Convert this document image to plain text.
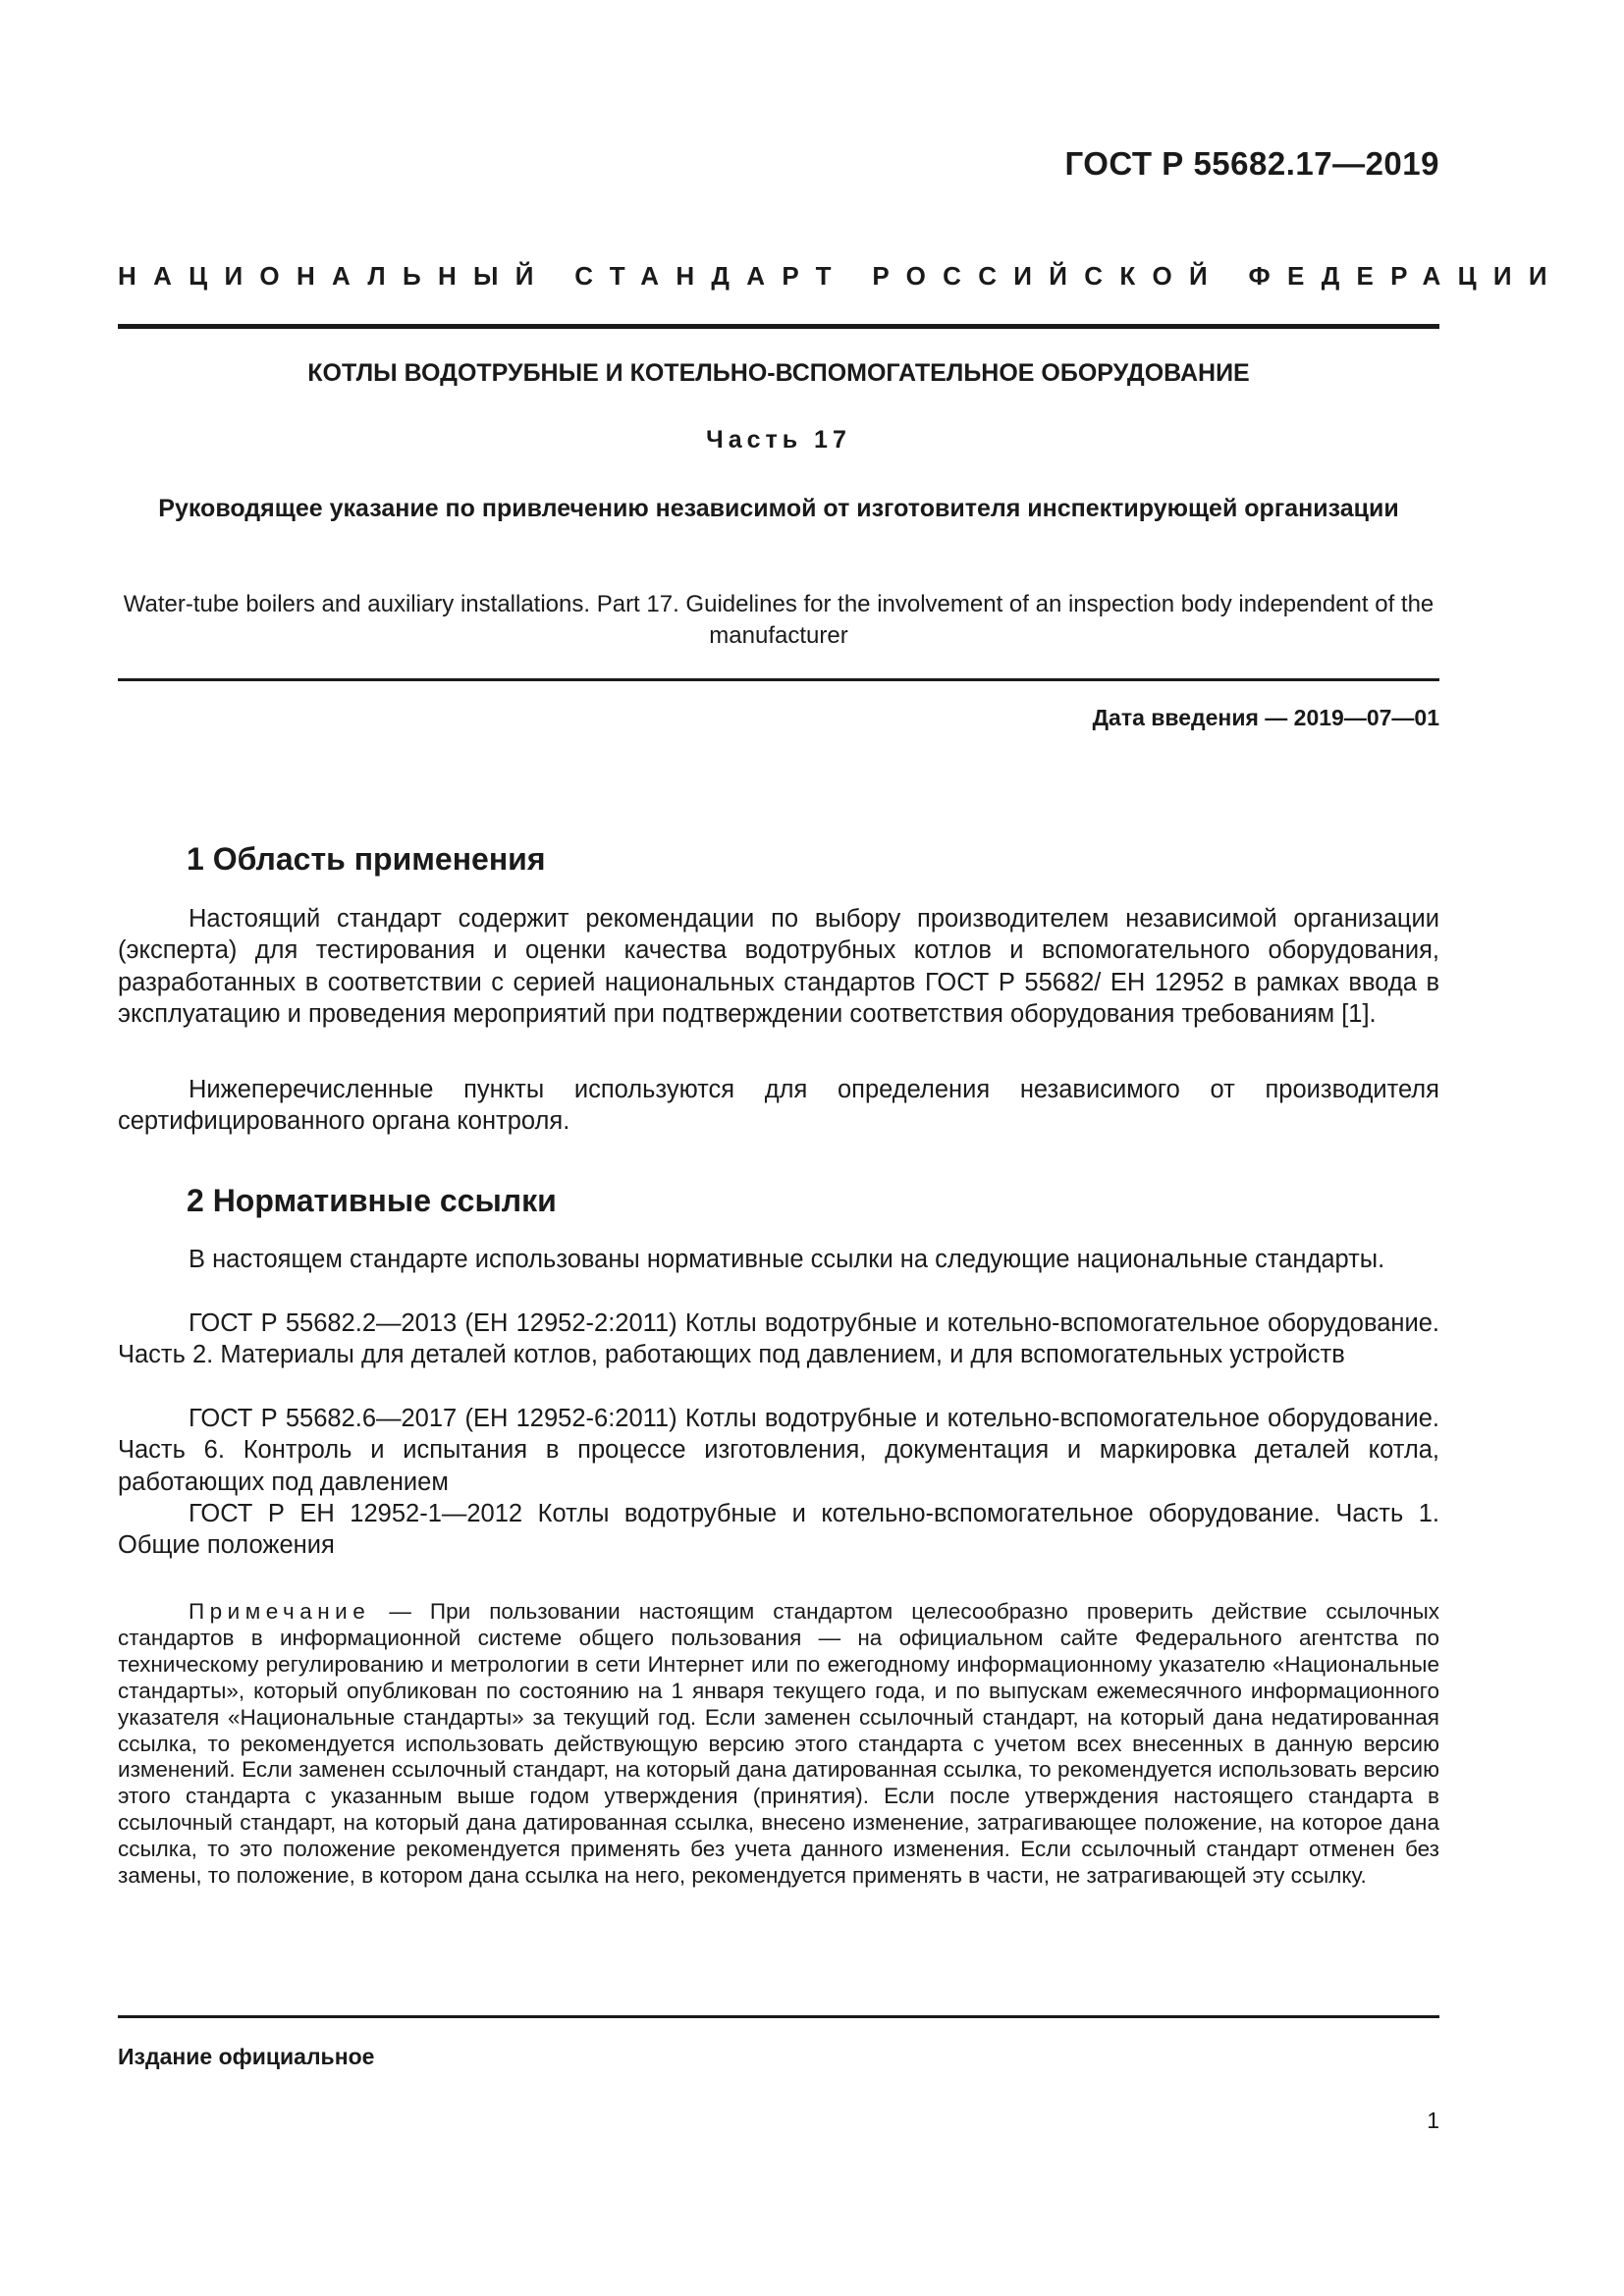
ГОСТ Р 55682.17—2019
НАЦИОНАЛЬНЫЙ СТАНДАРТ РОССИЙСКОЙ ФЕДЕРАЦИИ
КОТЛЫ ВОДОТРУБНЫЕ И КОТЕЛЬНО-ВСПОМОГАТЕЛЬНОЕ ОБОРУДОВАНИЕ
Часть 17
Руководящее указание по привлечению независимой от изготовителя инспектирующей организации
Water-tube boilers and auxiliary installations. Part 17. Guidelines for the involvement of an inspection body independent of the manufacturer
Дата введения — 2019—07—01
1 Область применения
Настоящий стандарт содержит рекомендации по выбору производителем независимой организации (эксперта) для тестирования и оценки качества водотрубных котлов и вспомогательного оборудования, разработанных в соответствии с серией национальных стандартов ГОСТ Р 55682/ ЕН 12952 в рамках ввода в эксплуатацию и проведения мероприятий при подтверждении соответствия оборудования требованиям [1].
Нижеперечисленные пункты используются для определения независимого от производителя сертифицированного органа контроля.
2 Нормативные ссылки
В настоящем стандарте использованы нормативные ссылки на следующие национальные стандарты.
ГОСТ Р 55682.2—2013 (ЕН 12952-2:2011) Котлы водотрубные и котельно-вспомогательное оборудование. Часть 2. Материалы для деталей котлов, работающих под давлением, и для вспомогательных устройств
ГОСТ Р 55682.6—2017 (ЕН 12952-6:2011) Котлы водотрубные и котельно-вспомогательное оборудование. Часть 6. Контроль и испытания в процессе изготовления, документация и маркировка деталей котла, работающих под давлением
ГОСТ Р ЕН 12952-1—2012 Котлы водотрубные и котельно-вспомогательное оборудование. Часть 1. Общие положения
Примечание — При пользовании настоящим стандартом целесообразно проверить действие ссылочных стандартов в информационной системе общего пользования — на официальном сайте Федерального агентства по техническому регулированию и метрологии в сети Интернет или по ежегодному информационному указателю «Национальные стандарты», который опубликован по состоянию на 1 января текущего года, и по выпускам ежемесячного информационного указателя «Национальные стандарты» за текущий год. Если заменен ссылочный стандарт, на который дана недатированная ссылка, то рекомендуется использовать действующую версию этого стандарта с учетом всех внесенных в данную версию изменений. Если заменен ссылочный стандарт, на который дана датированная ссылка, то рекомендуется использовать версию этого стандарта с указанным выше годом утверждения (принятия). Если после утверждения настоящего стандарта в ссылочный стандарт, на который дана датированная ссылка, внесено изменение, затрагивающее положение, на которое дана ссылка, то это положение рекомендуется применять без учета данного изменения. Если ссылочный стандарт отменен без замены, то положение, в котором дана ссылка на него, рекомендуется применять в части, не затрагивающей эту ссылку.
Издание официальное
1
